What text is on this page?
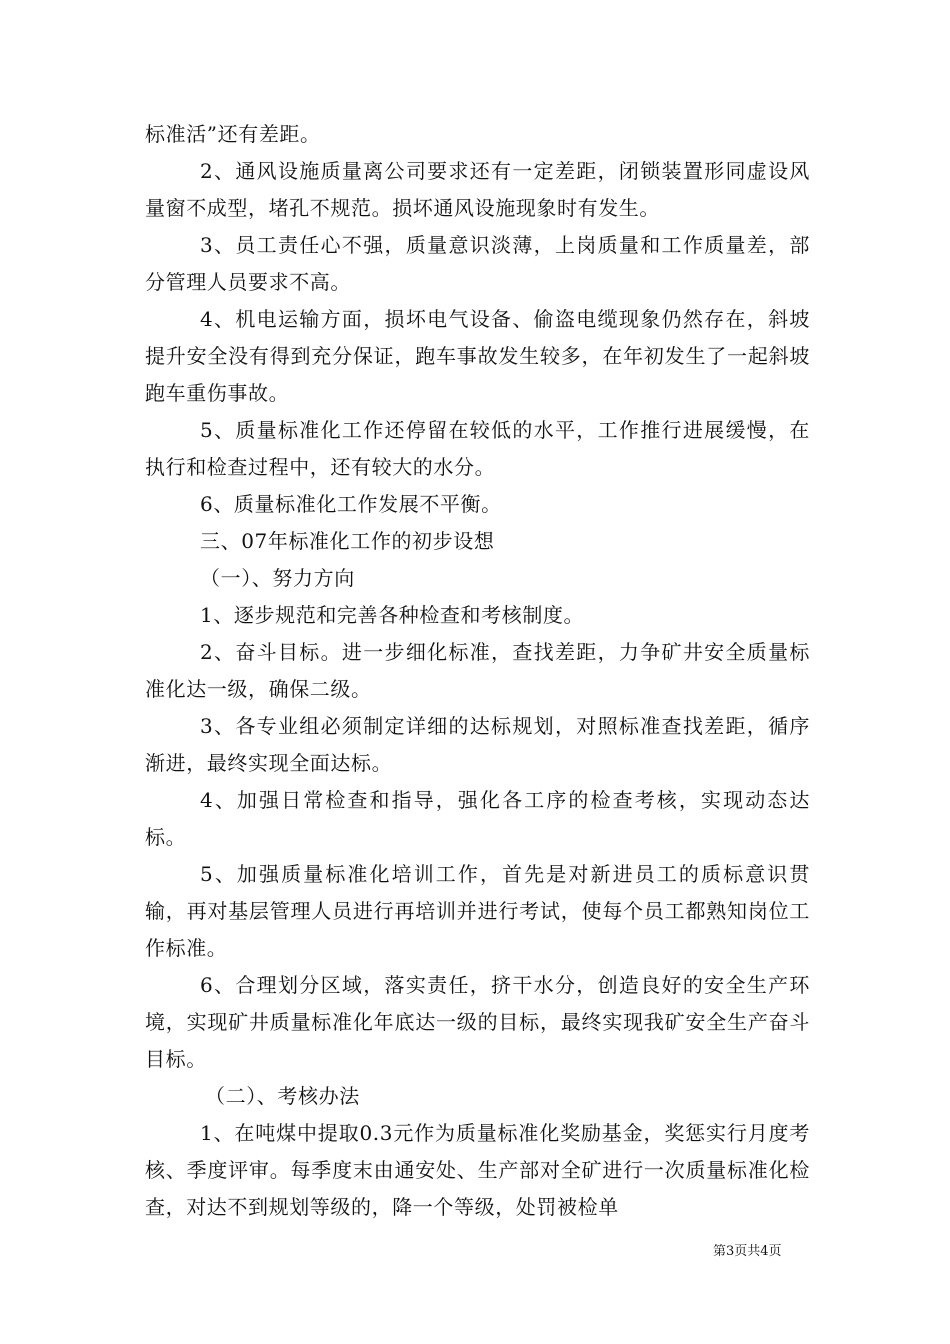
标准活”还有差距。

2、通风设施质量离公司要求还有一定差距，闭锁装置形同虚设风量窗不成型，堵孔不规范。损坏通风设施现象时有发生。

3、员工责任心不强，质量意识淡薄，上岗质量和工作质量差，部分管理人员要求不高。

4、机电运输方面，损坏电气设备、偷盗电缆现象仍然存在，斜坡提升安全没有得到充分保证，跑车事故发生较多，在年初发生了一起斜坡跑车重伤事故。

5、质量标准化工作还停留在较低的水平，工作推行进展缓慢，在执行和检查过程中，还有较大的水分。

6、质量标准化工作发展不平衡。

三、07年标准化工作的初步设想

（一）、努力方向

1、逐步规范和完善各种检查和考核制度。

2、奋斗目标。进一步细化标准，查找差距，力争矿井安全质量标准化达一级，确保二级。

3、各专业组必须制定详细的达标规划，对照标准查找差距，循序渐进，最终实现全面达标。

4、加强日常检查和指导，强化各工序的检查考核，实现动态达标。

5、加强质量标准化培训工作，首先是对新进员工的质标意识贯输，再对基层管理人员进行再培训并进行考试，使每个员工都熟知岗位工作标准。

6、合理划分区域，落实责任，挤干水分，创造良好的安全生产环境，实现矿井质量标准化年底达一级的目标，最终实现我矿安全生产奋斗目标。

（二）、考核办法

1、在吨煤中提取0.3元作为质量标准化奖励基金，奖惩实行月度考核、季度评审。每季度末由通安处、生产部对全矿进行一次质量标准化检查，对达不到规划等级的，降一个等级，处罚被检单

第3页共4页
